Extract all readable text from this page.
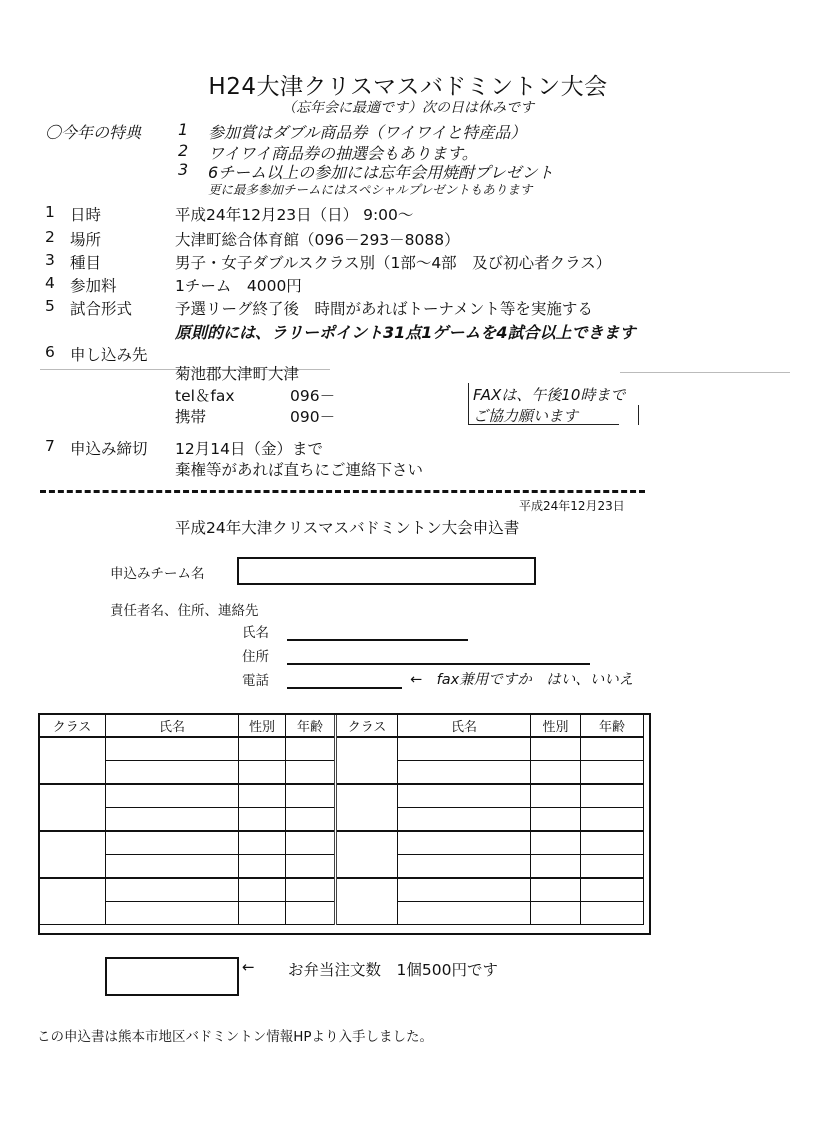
H24大津クリスマスバドミントン大会
（忘年会に最適です）次の日は休みです
〇今年の特典 1 参加賞はダブル商品券（ワイワイと特産品）
2 ワイワイ商品券の抽選会もあります。
3 6チーム以上の参加には忘年会用焼酎プレゼント
更に最多参加チームにはスペシャルプレゼントもあります
1 日時	平成24年12月23日（日） 9:00～
2 場所	大津町総合体育館（096－293－8088）
3 種目	男子・女子ダブルスクラス別（1部～4部　及び初心者クラス）
4 参加料	1チーム　4000円
5 試合形式	予選リーグ終了後　時間があればトーナメント等を実施する
原則的には、ラリーポイント31点1ゲームを4試合以上できます
6 申し込み先
菊池郡大津町大津
tel＆fax	096－
携帯	090－
FAXは、午後10時まで
ご協力願います
7 申込み締切 12月14日（金）まで
棄権等があれば直ちにご連絡下さい
平成24年12月23日
平成24年大津クリスマスバドミントン大会申込書
申込みチーム名
責任者名、住所、連絡先
氏名
住所
電話	←　fax兼用ですか　はい、いいえ
クラス	氏名	性別	年齢	クラス	氏名	性別	年齢

← お弁当注文数　1個500円です
この申込書は熊本市地区バドミントン情報HPより入手しました。
